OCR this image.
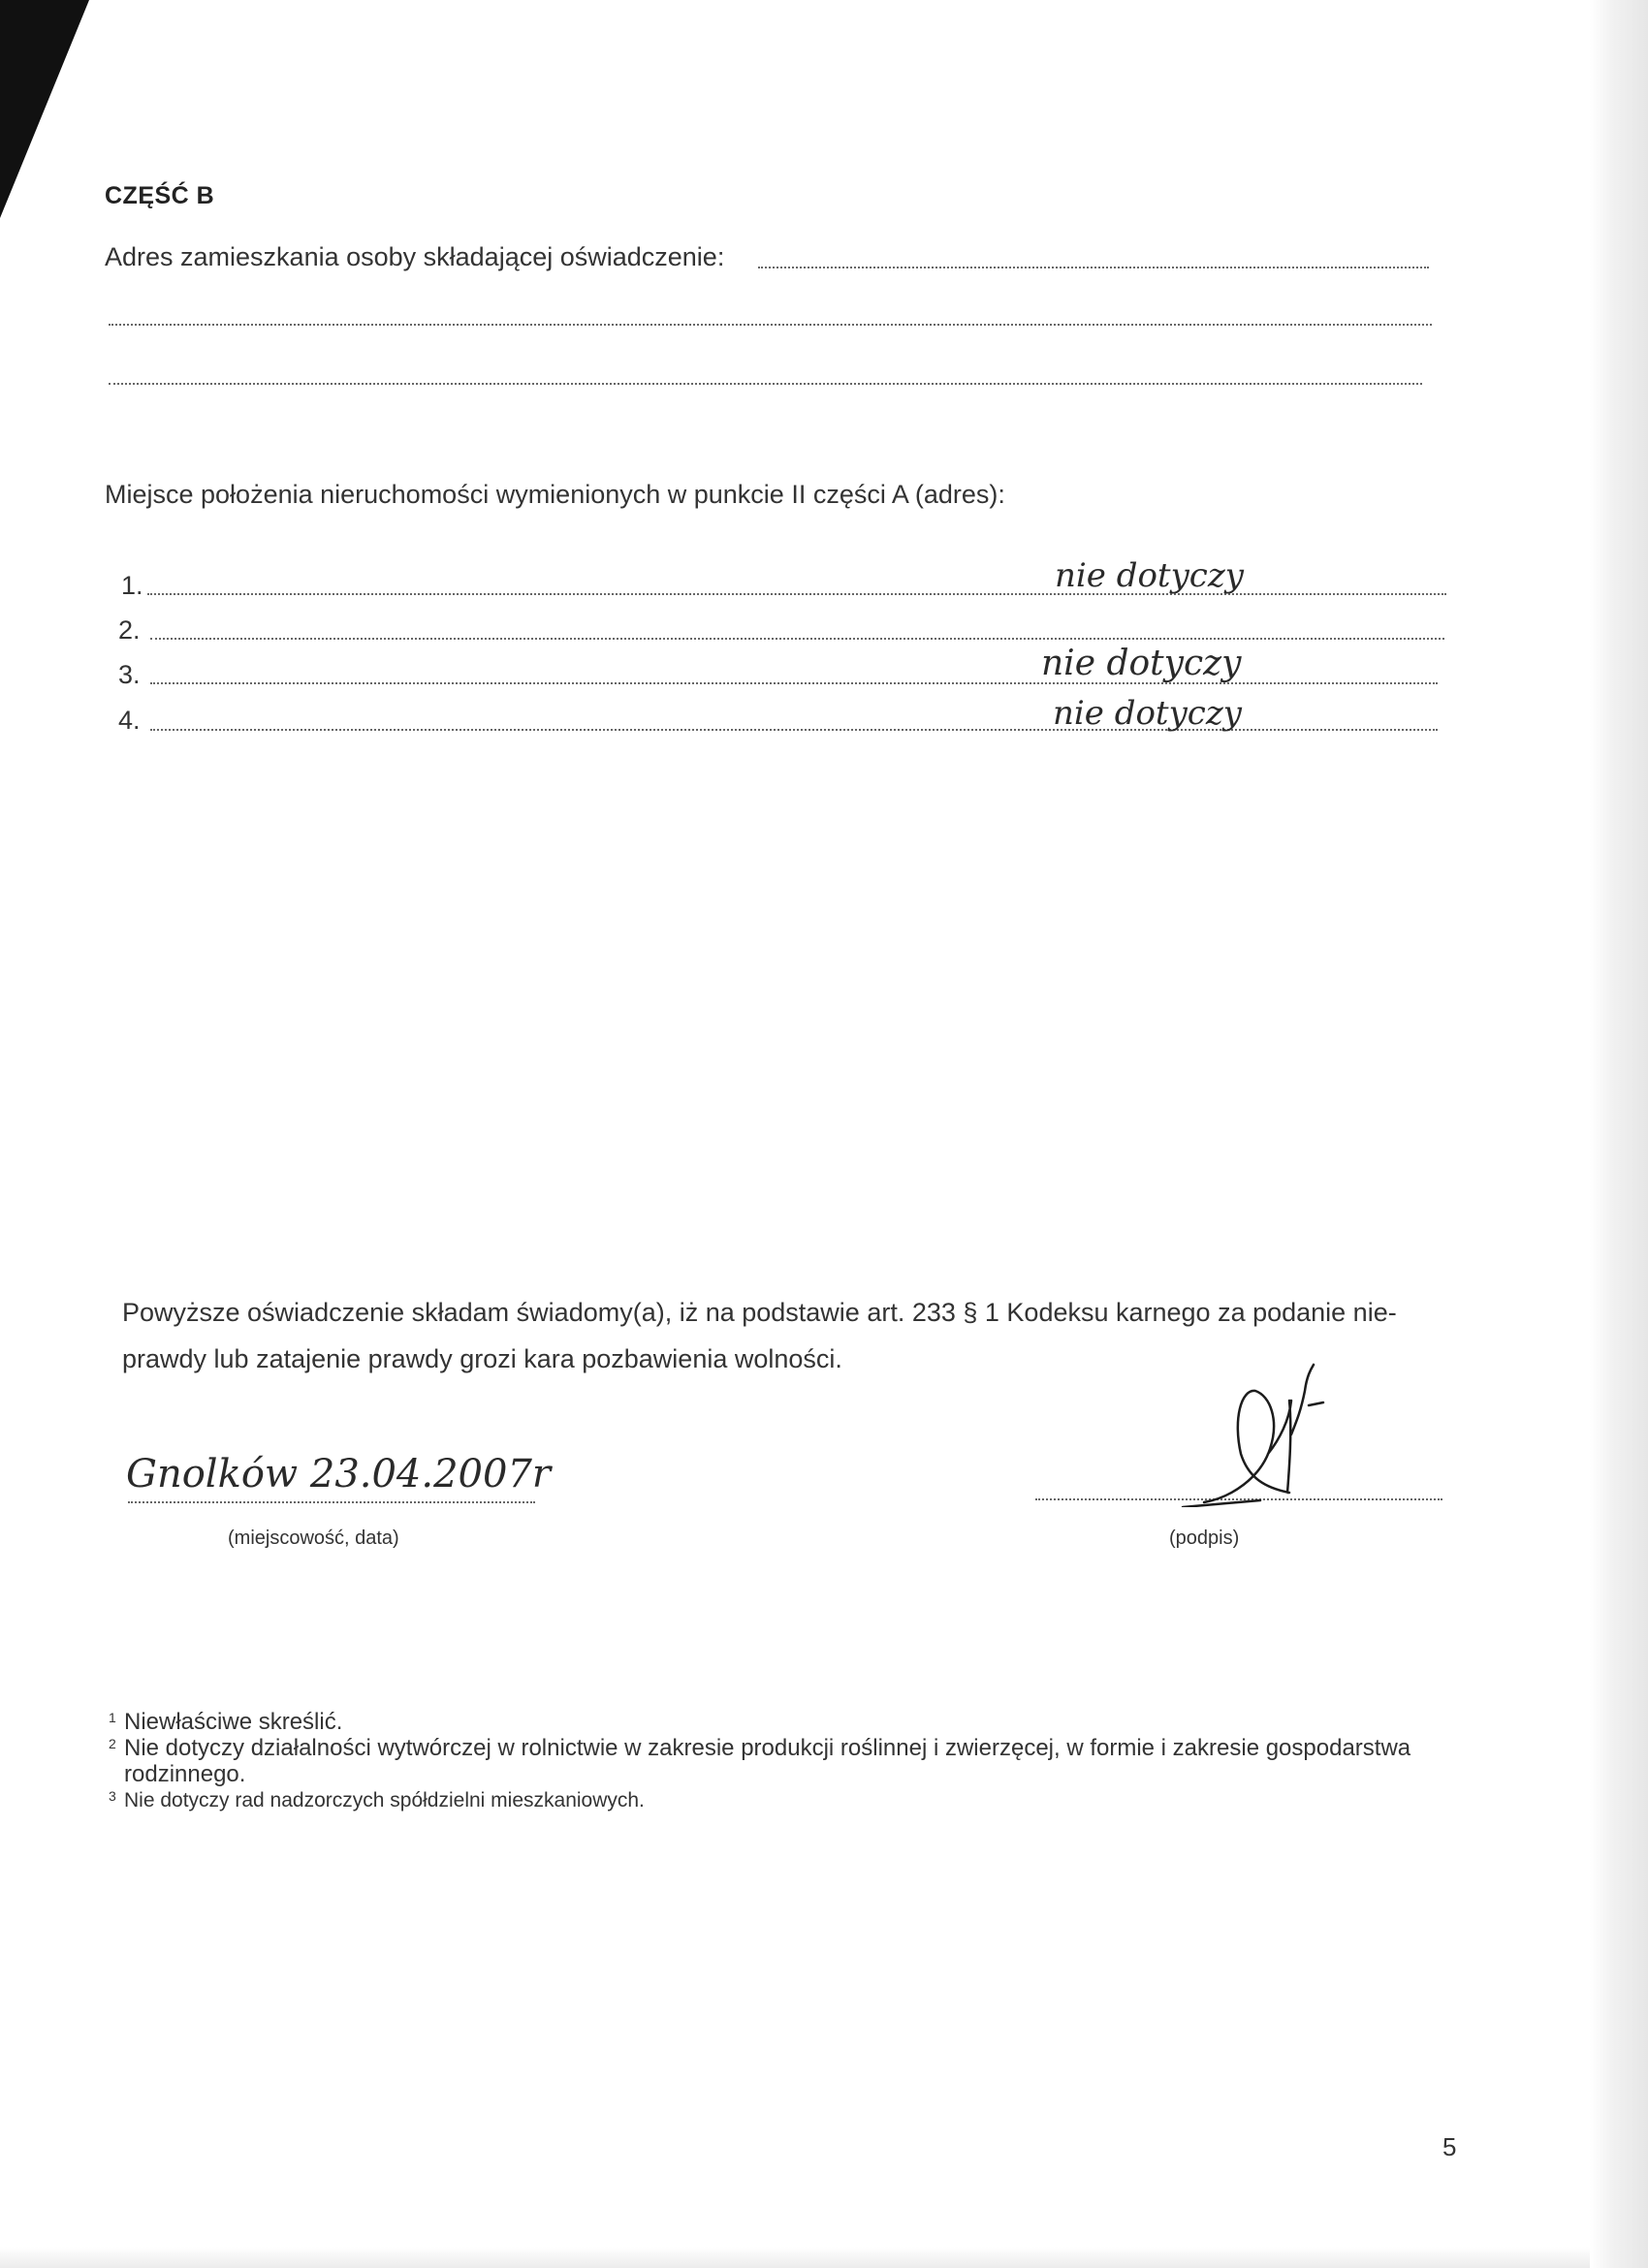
CZĘŚĆ B
Adres zamieszkania osoby składającej oświadczenie:
Miejsce położenia nieruchomości wymienionych w punkcie II części A (adres):
1.	nie dotyczy
2.
3.	nie dotyczy
4.	nie dotyczy
Powyższe oświadczenie składam świadomy(a), iż na podstawie art. 233 § 1 Kodeksu karnego za podanie nie-prawdy lub zatajenie prawdy grozi kara pozbawienia wolności.
Gnolków 23.04.2007r
(miejscowość, data)	(podpis)
1 Niewłaściwe skreślić.
2 Nie dotyczy działalności wytwórczej w rolnictwie w zakresie produkcji roślinnej i zwierzęcej, w formie i zakresie gospodarstwa rodzinnego.
3 Nie dotyczy rad nadzorczych spółdzielni mieszkaniowych.
5
